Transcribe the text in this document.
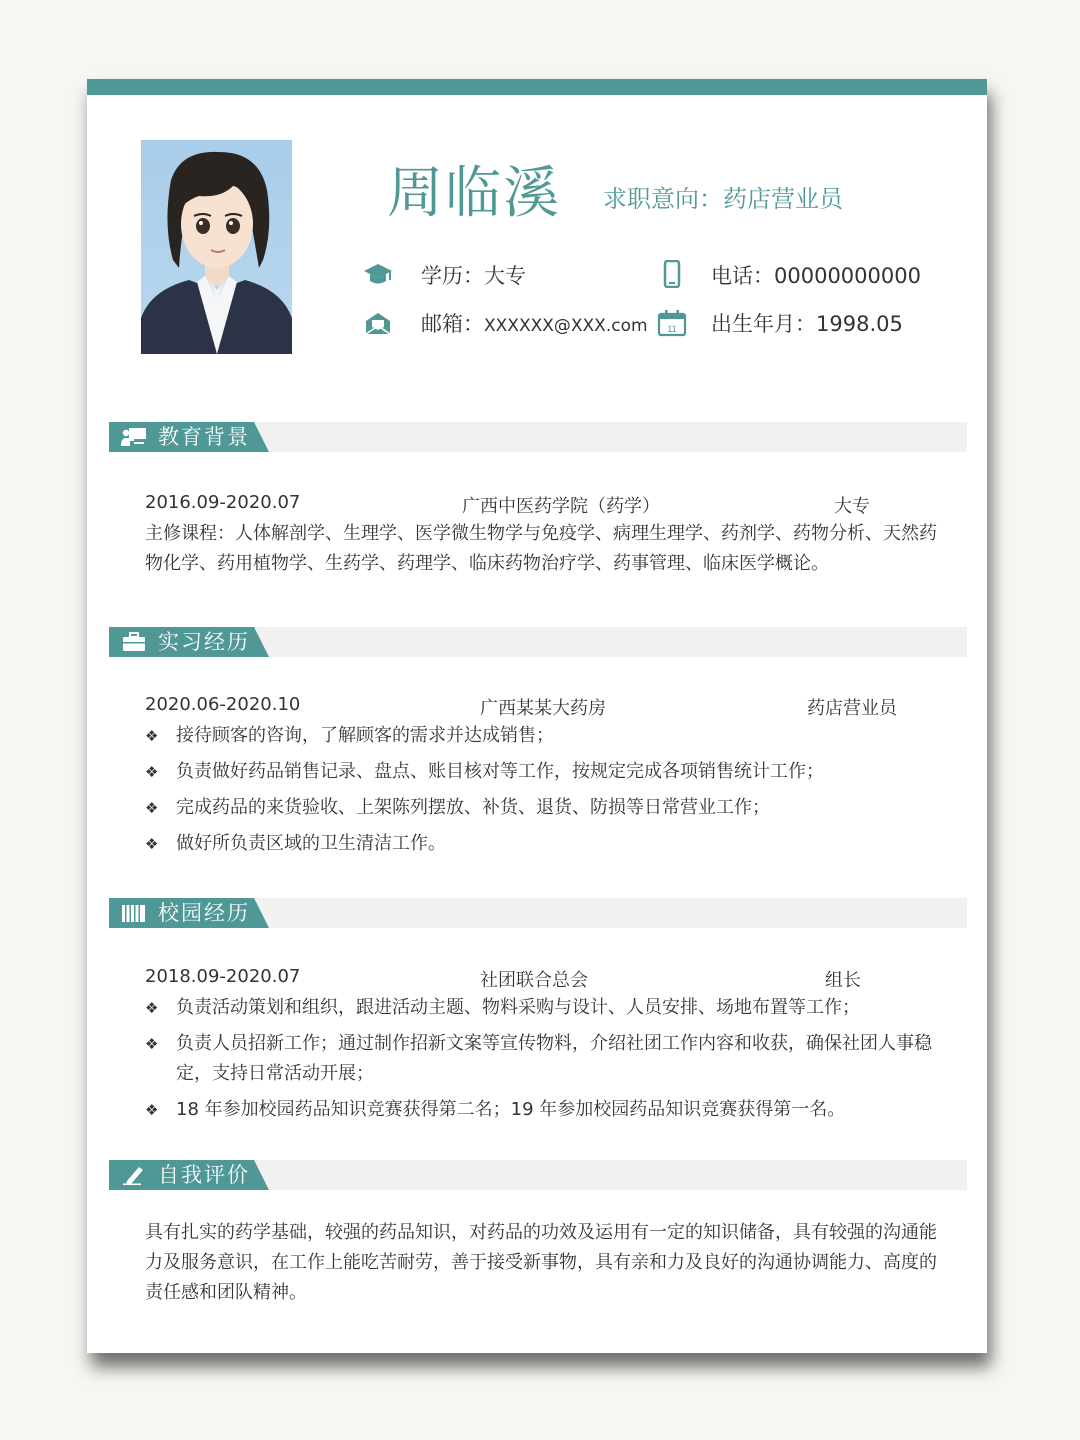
周临溪 求职意向：药店营业员
学历：大专	电话：00000000000
邮箱：XXXXXX@XXX.com 11 出生年月：1998.05
教育背景
2016.09-2020.07	广西中医药学院（药学）	大专
主修课程：人体解剖学、生理学、医学微生物学与免疫学、病理生理学、药剂学、药物分析、天然药物化学、药用植物学、生药学、药理学、临床药物治疗学、药事管理、临床医学概论。
实习经历
2020.06-2020.10	广西某某大药房	药店营业员
❖ 接待顾客的咨询，了解顾客的需求并达成销售；
❖ 负责做好药品销售记录、盘点、账目核对等工作，按规定完成各项销售统计工作；
❖ 完成药品的来货验收、上架陈列摆放、补货、退货、防损等日常营业工作；
❖ 做好所负责区域的卫生清洁工作。
校园经历
2018.09-2020.07	社团联合总会	组长
❖ 负责活动策划和组织，跟进活动主题、物料采购与设计、人员安排、场地布置等工作；
❖ 负责人员招新工作；通过制作招新文案等宣传物料，介绍社团工作内容和收获，确保社团人事稳定，支持日常活动开展；
❖ 18 年参加校园药品知识竞赛获得第二名；19 年参加校园药品知识竞赛获得第一名。
自我评价
具有扎实的药学基础，较强的药品知识，对药品的功效及运用有一定的知识储备，具有较强的沟通能力及服务意识，在工作上能吃苦耐劳，善于接受新事物，具有亲和力及良好的沟通协调能力、高度的责任感和团队精神。
